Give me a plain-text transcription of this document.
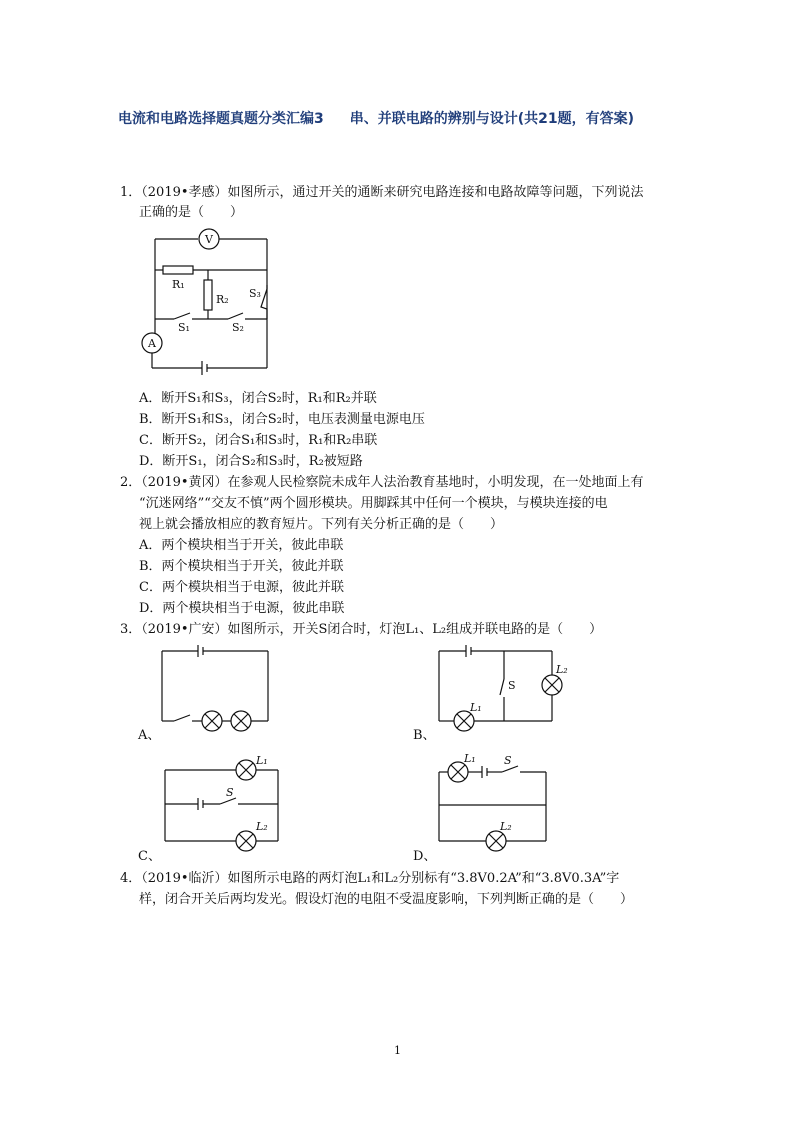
电流和电路选择题真题分类汇编3 串、并联电路的辨别与设计(共21题，有答案)
1．（2019•孝感）如图所示，通过开关的通断来研究电路连接和电路故障等问题，下列说法
正确的是（　　）
V
R₁
R₂ S₃
S₁	S₂
A
A．断开S₁和S₃，闭合S₂时，R₁和R₂并联
B．断开S₁和S₃，闭合S₂时，电压表测量电源电压
C．断开S₂，闭合S₁和S₃时，R₁和R₂串联
D．断开S₁，闭合S₂和S₃时，R₂被短路
2．（2019•黄冈）在参观人民检察院未成年人法治教育基地时，小明发现，在一处地面上有
“沉迷网络”“交友不慎”两个圆形模块。用脚踩其中任何一个模块，与模块连接的电
视上就会播放相应的教育短片。下列有关分析正确的是（　　）
A．两个模块相当于开关，彼此串联
B．两个模块相当于开关，彼此并联
C．两个模块相当于电源，彼此并联
D．两个模块相当于电源，彼此串联
3．（2019•广安）如图所示，开关S闭合时，灯泡L₁、L₂组成并联电路的是（　　）
A、
L₁
S
L₂
B、
L₁
S
L₂
C、
L₁	S
L₂
D、
4．（2019•临沂）如图所示电路的两灯泡L₁和L₂分别标有“3.8V0.2A”和“3.8V0.3A”字
样，闭合开关后两均发光。假设灯泡的电阻不受温度影响，下列判断正确的是（　　）
1
